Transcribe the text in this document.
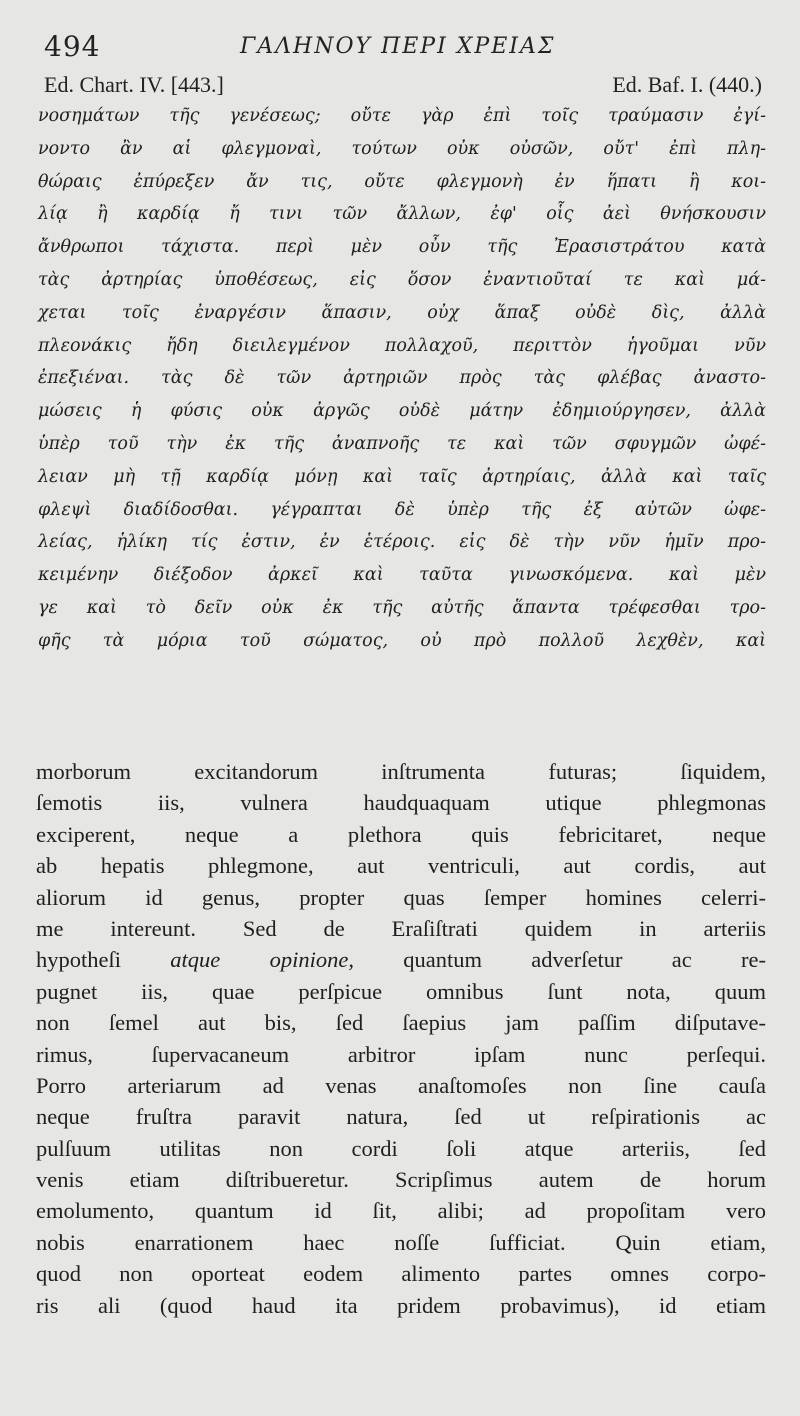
494	ΓΑΛΗΝΟΥ ΠΕΡΙ ΧΡΕΙΑΣ
Ed. Chart. IV. [443.]	Ed. Baf. I. (440.)
νοσημάτων τῆς γενέσεως; οὔτε γὰρ ἐπὶ τοῖς τραύμασιν ἐγί-
νοντο ἂν αἱ φλεγμοναὶ, τούτων οὐκ οὐσῶν, οὔτ' ἐπὶ πλη-
θώραις ἐπύρεξεν ἄν τις, οὔτε φλεγμονὴ ἐν ἥπατι ἢ κοι-
λίᾳ ἢ καρδίᾳ ἤ τινι τῶν ἄλλων, ἐφ' οἷς ἀεὶ θνήσκουσιν
ἄνθρωποι τάχιστα. περὶ μὲν οὖν τῆς Ἐρασιστράτου κατὰ
τὰς ἀρτηρίας ὑποθέσεως, εἰς ὅσον ἐναντιοῦταί τε καὶ μά-
χεται τοῖς ἐναργέσιν ἅπασιν, οὐχ ἅπαξ οὐδὲ δὶς, ἀλλὰ
πλεονάκις ἤδη διειλεγμένον πολλαχοῦ, περιττὸν ἡγοῦμαι νῦν
ἐπεξιέναι. τὰς δὲ τῶν ἀρτηριῶν πρὸς τὰς φλέβας ἀναστο-
μώσεις ἡ φύσις οὐκ ἀργῶς οὐδὲ μάτην ἐδημιούργησεν, ἀλλὰ
ὑπὲρ τοῦ τὴν ἐκ τῆς ἀναπνοῆς τε καὶ τῶν σφυγμῶν ὠφέ-
λειαν μὴ τῇ καρδίᾳ μόνῃ καὶ ταῖς ἀρτηρίαις, ἀλλὰ καὶ ταῖς
φλεψὶ διαδίδοσθαι. γέγραπται δὲ ὑπὲρ τῆς ἐξ αὐτῶν ὠφε-
λείας, ἡλίκη τίς ἐστιν, ἐν ἑτέροις. εἰς δὲ τὴν νῦν ἡμῖν προ-
κειμένην διέξοδον ἀρκεῖ καὶ ταῦτα γινωσκόμενα. καὶ μὲν
γε καὶ τὸ δεῖν οὐκ ἐκ τῆς αὐτῆς ἅπαντα τρέφεσθαι τρο-
φῆς τὰ μόρια τοῦ σώματος, οὐ πρὸ πολλοῦ λεχθὲν, καὶ
morborum excitandorum inſtrumenta futuras; ſiquidem,
ſemotis iis, vulnera haudquaquam utique phlegmonas
exciperent, neque a plethora quis febricitaret, neque
ab hepatis phlegmone, aut ventriculi, aut cordis, aut
aliorum id genus, propter quas ſemper homines celerri-
me intereunt. Sed de Eraſiſtrati quidem in arteriis
hypotheſi atque opinione, quantum adverſetur ac re-
pugnet iis, quae perſpicue omnibus ſunt nota, quum
non ſemel aut bis, ſed ſaepius jam paſſim diſputave-
rimus, ſupervacaneum arbitror ipſam nunc perſequi.
Porro arteriarum ad venas anaſtomoſes non ſine cauſa
neque fruſtra paravit natura, ſed ut reſpirationis ac
pulſuum utilitas non cordi ſoli atque arteriis, ſed
venis etiam diſtribueretur. Scripſimus autem de horum
emolumento, quantum id ſit, alibi; ad propoſitam vero
nobis enarrationem haec noſſe ſufficiat. Quin etiam,
quod non oporteat eodem alimento partes omnes corpo-
ris ali (quod haud ita pridem probavimus), id etiam
